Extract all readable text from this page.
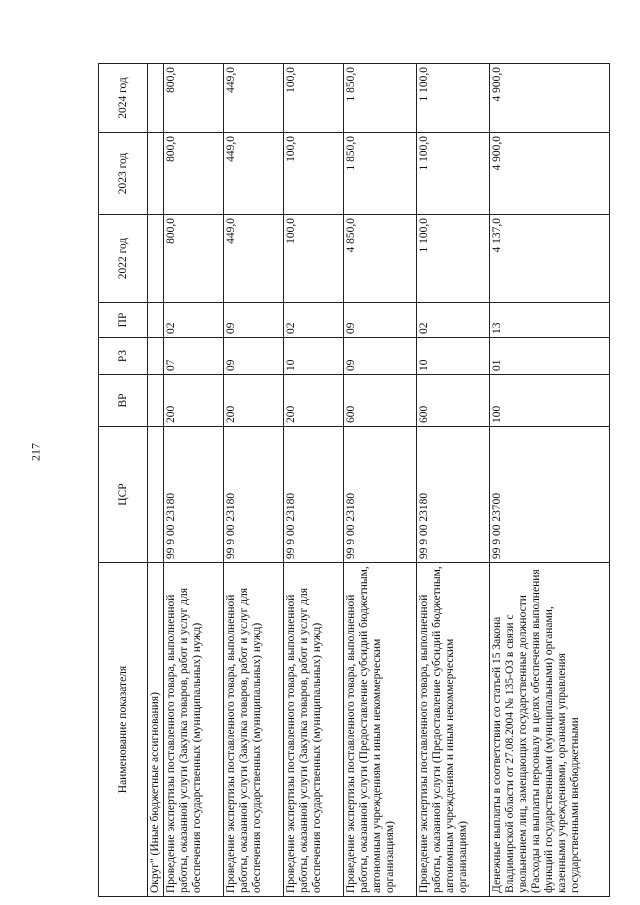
217
Наименование показателя	ЦСР	ВР	РЗ	ПР	2022 год	2023 год	2024 год
Округ" (Иные бюджетные ассигнования)							
Проведение экспертизы поставленного товара, выполненной работы, оказанной услуги (Закупка товаров, работ и услуг для обеспечения государственных (муниципальных) нужд)	99 9 00 23180	200	07	02	800,0	800,0	800,0
Проведение экспертизы поставленного товара, выполненной работы, оказанной услуги (Закупка товаров, работ и услуг для обеспечения государственных (муниципальных) нужд)	99 9 00 23180	200	09	09	449,0	449,0	449,0
Проведение экспертизы поставленного товара, выполненной работы, оказанной услуги (Закупка товаров, работ и услуг для обеспечения государственных (муниципальных) нужд)	99 9 00 23180	200	10	02	100,0	100,0	100,0
Проведение экспертизы поставленного товара, выполненной работы, оказанной услуги (Предоставление субсидий бюджетным, автономным учреждениям и иным некоммерческим организациям)	99 9 00 23180	600	09	09	4 850,0	1 850,0	1 850,0
Проведение экспертизы поставленного товара, выполненной работы, оказанной услуги (Предоставление субсидий бюджетным, автономным учреждениям и иным некоммерческим организациям)	99 9 00 23180	600	10	02	1 100,0	1 100,0	1 100,0
Денежные выплаты в соответствии со статьей 15 Закона Владимирской области от 27.08.2004 № 135-ОЗ в связи с увольнением лиц, замещающих государственные должности (Расходы на выплаты персоналу в целях обеспечения выполнения функций государственными (муниципальными) органами, казенными учреждениями, органами управления государственными внебюджетными	99 9 00 23700	100	01	13	4 137,0	4 900,0	4 900,0
